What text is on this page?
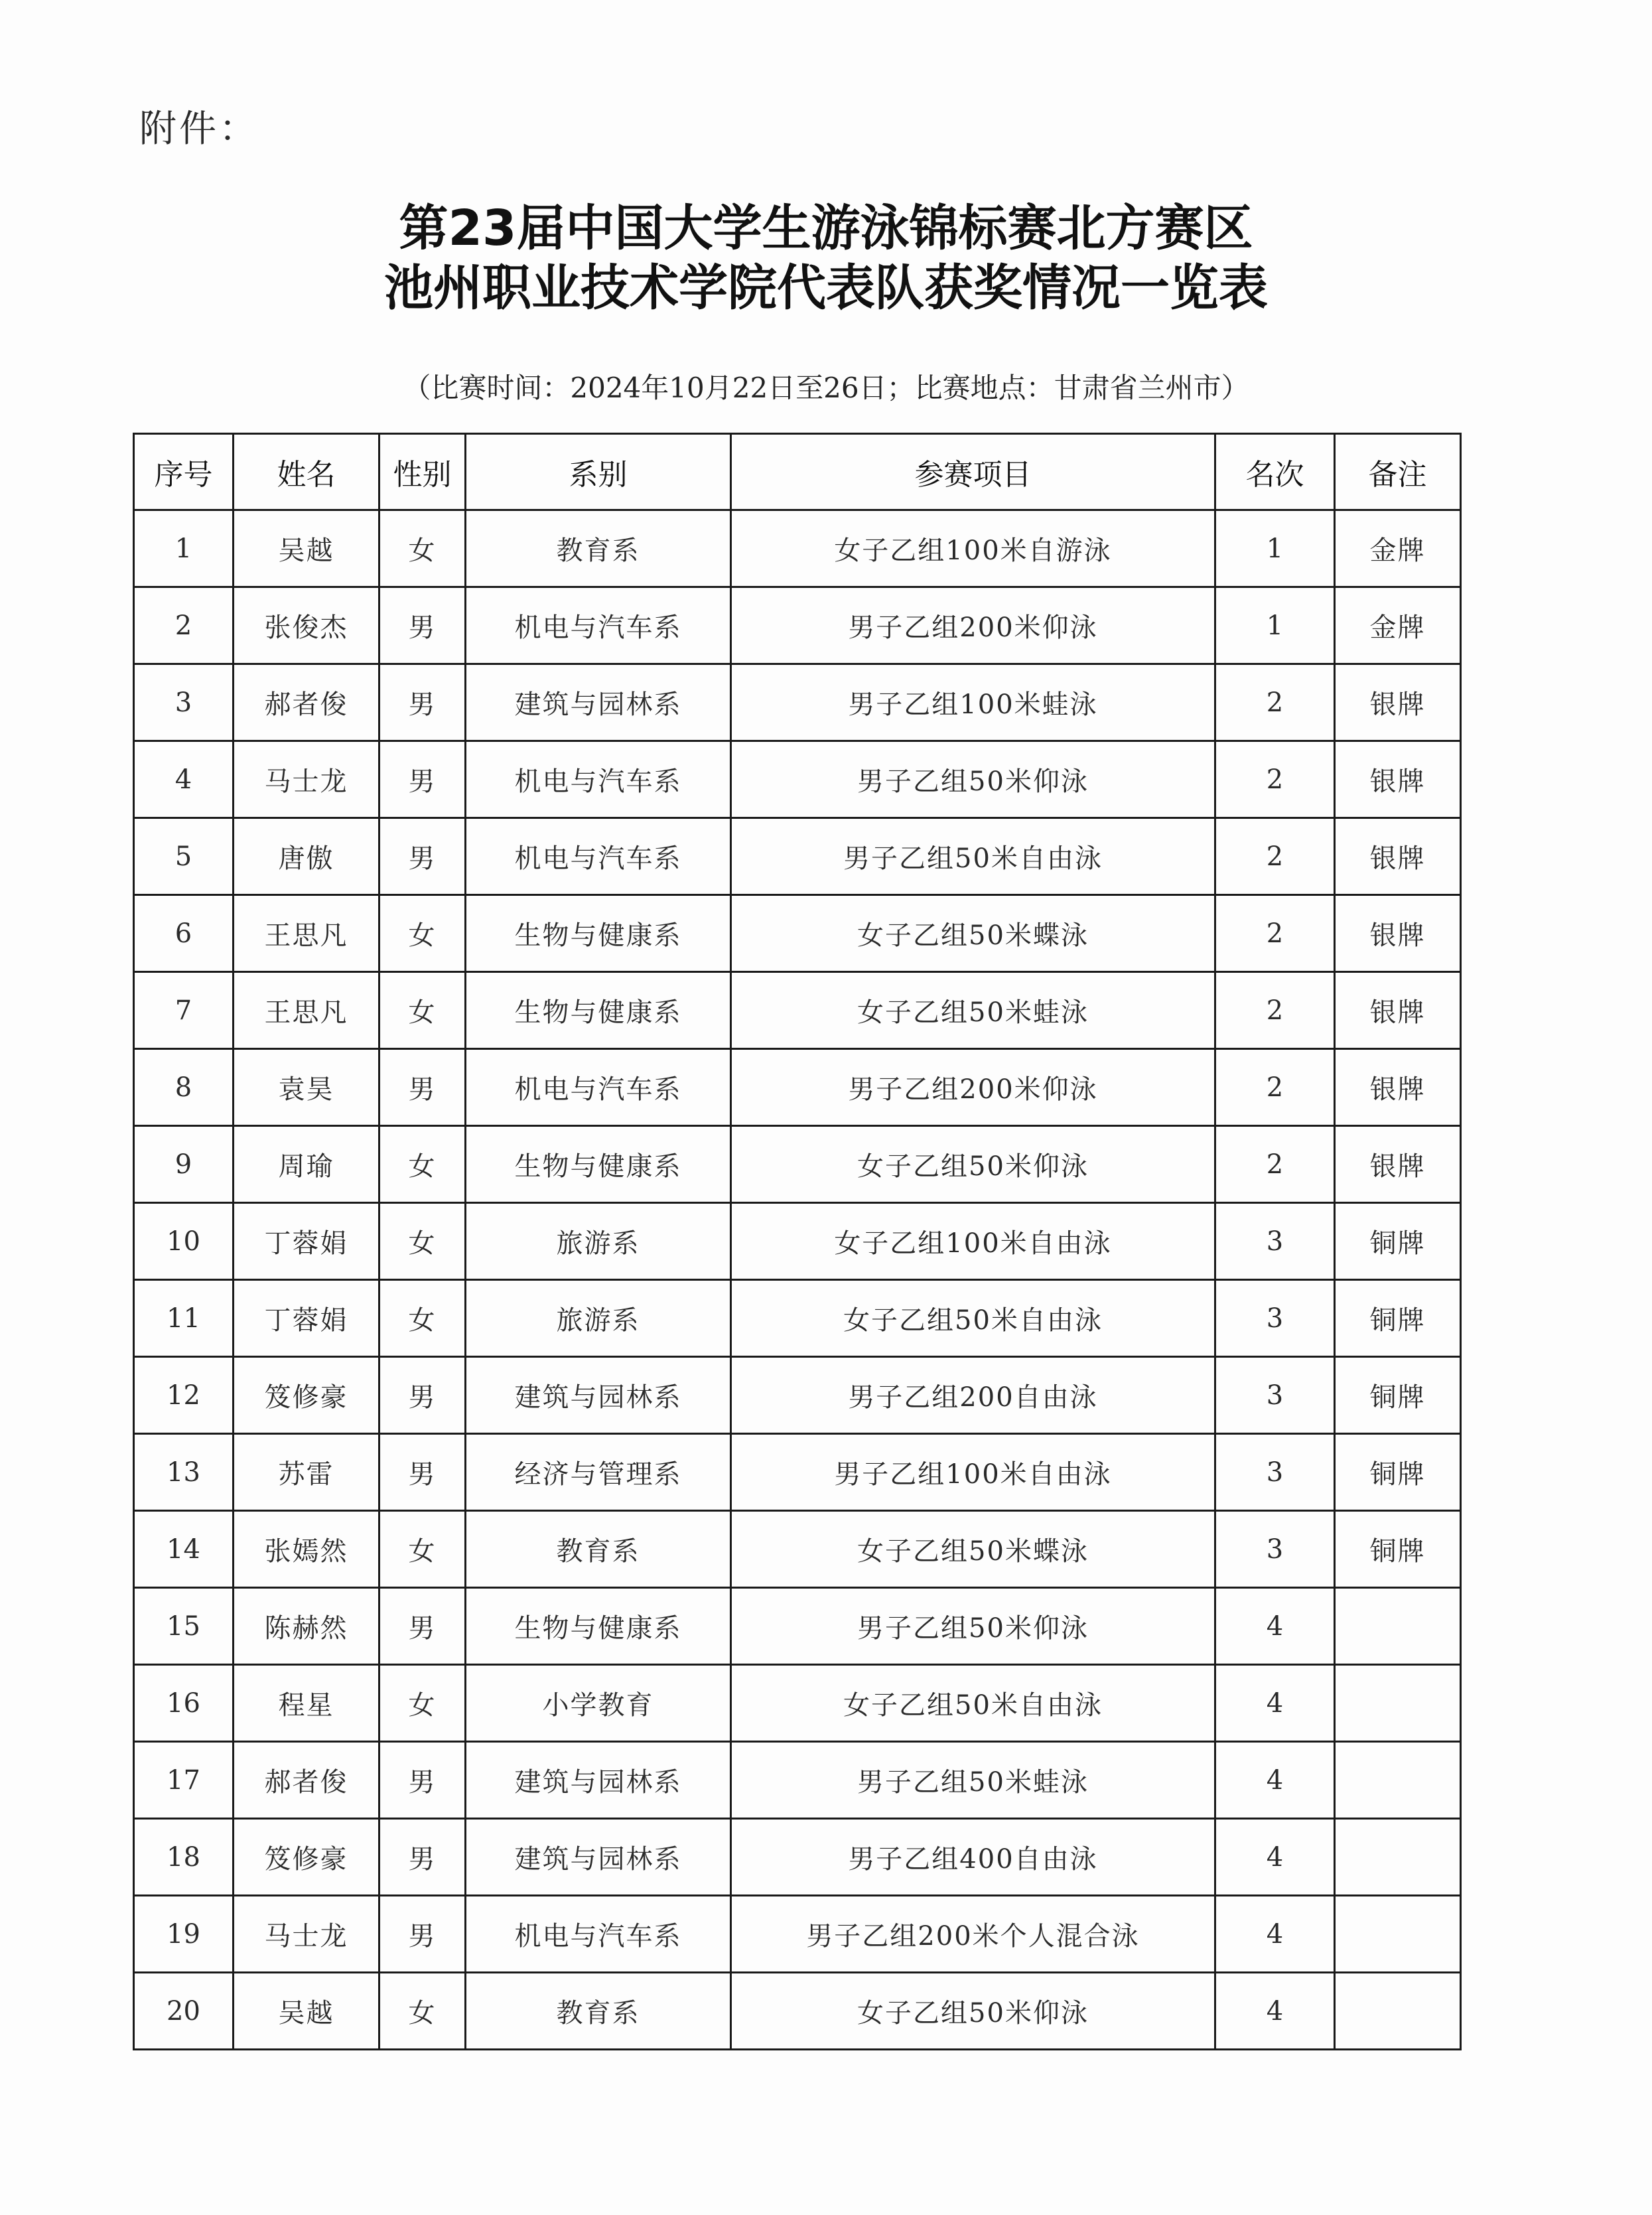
附件：
第23届中国大学生游泳锦标赛北方赛区
池州职业技术学院代表队获奖情况一览表
（比赛时间：2024年10月22日至26日；比赛地点：甘肃省兰州市）
序号	姓名	性别	系别	参赛项目	名次	备注
1	吴越	女	教育系	女子乙组100米自游泳	1	金牌
2	张俊杰	男	机电与汽车系	男子乙组200米仰泳	1	金牌
3	郝者俊	男	建筑与园林系	男子乙组100米蛙泳	2	银牌
4	马士龙	男	机电与汽车系	男子乙组50米仰泳	2	银牌
5	唐傲	男	机电与汽车系	男子乙组50米自由泳	2	银牌
6	王思凡	女	生物与健康系	女子乙组50米蝶泳	2	银牌
7	王思凡	女	生物与健康系	女子乙组50米蛙泳	2	银牌
8	袁昊	男	机电与汽车系	男子乙组200米仰泳	2	银牌
9	周瑜	女	生物与健康系	女子乙组50米仰泳	2	银牌
10	丁蓉娟	女	旅游系	女子乙组100米自由泳	3	铜牌
11	丁蓉娟	女	旅游系	女子乙组50米自由泳	3	铜牌
12	笈修豪	男	建筑与园林系	男子乙组200自由泳	3	铜牌
13	苏雷	男	经济与管理系	男子乙组100米自由泳	3	铜牌
14	张嫣然	女	教育系	女子乙组50米蝶泳	3	铜牌
15	陈赫然	男	生物与健康系	男子乙组50米仰泳	4	
16	程星	女	小学教育	女子乙组50米自由泳	4	
17	郝者俊	男	建筑与园林系	男子乙组50米蛙泳	4	
18	笈修豪	男	建筑与园林系	男子乙组400自由泳	4	
19	马士龙	男	机电与汽车系	男子乙组200米个人混合泳	4	
20	吴越	女	教育系	女子乙组50米仰泳	4	
